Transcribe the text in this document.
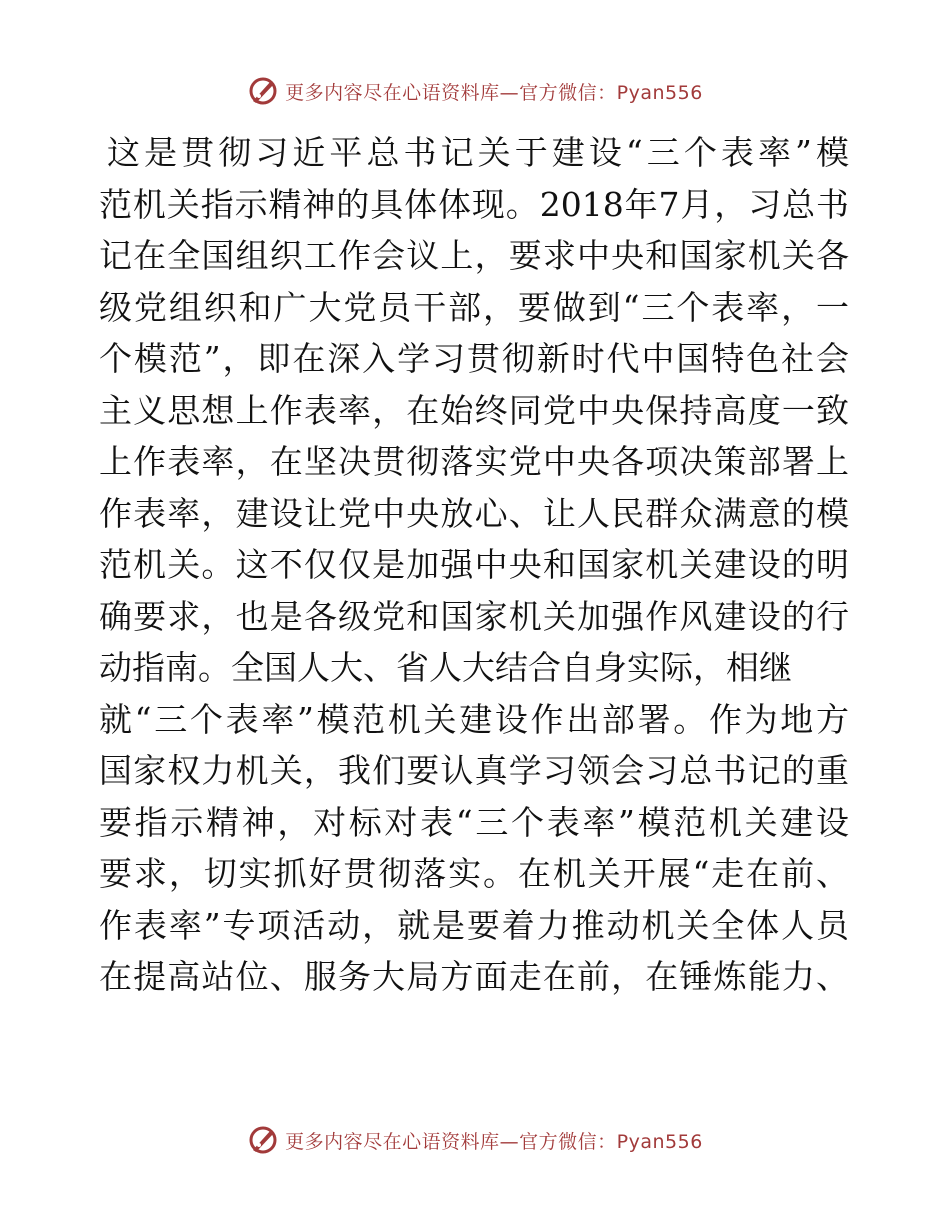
更多内容尽在心语资料库—官方微信：Pyan556
这是贯彻习近平总书记关于建设“三个表率”模
范机关指示精神的具体体现。2018年7月，习总书
记在全国组织工作会议上，要求中央和国家机关各
级党组织和广大党员干部，要做到“三个表率，一
个模范”，即在深入学习贯彻新时代中国特色社会
主义思想上作表率，在始终同党中央保持高度一致
上作表率，在坚决贯彻落实党中央各项决策部署上
作表率，建设让党中央放心、让人民群众满意的模
范机关。这不仅仅是加强中央和国家机关建设的明
确要求，也是各级党和国家机关加强作风建设的行
动指南。全国人大、省人大结合自身实际，相继
就“三个表率”模范机关建设作出部署。作为地方
国家权力机关，我们要认真学习领会习总书记的重
要指示精神，对标对表“三个表率”模范机关建设
要求，切实抓好贯彻落实。在机关开展“走在前、
作表率”专项活动，就是要着力推动机关全体人员
在提高站位、服务大局方面走在前，在锤炼能力、
更多内容尽在心语资料库—官方微信：Pyan556
